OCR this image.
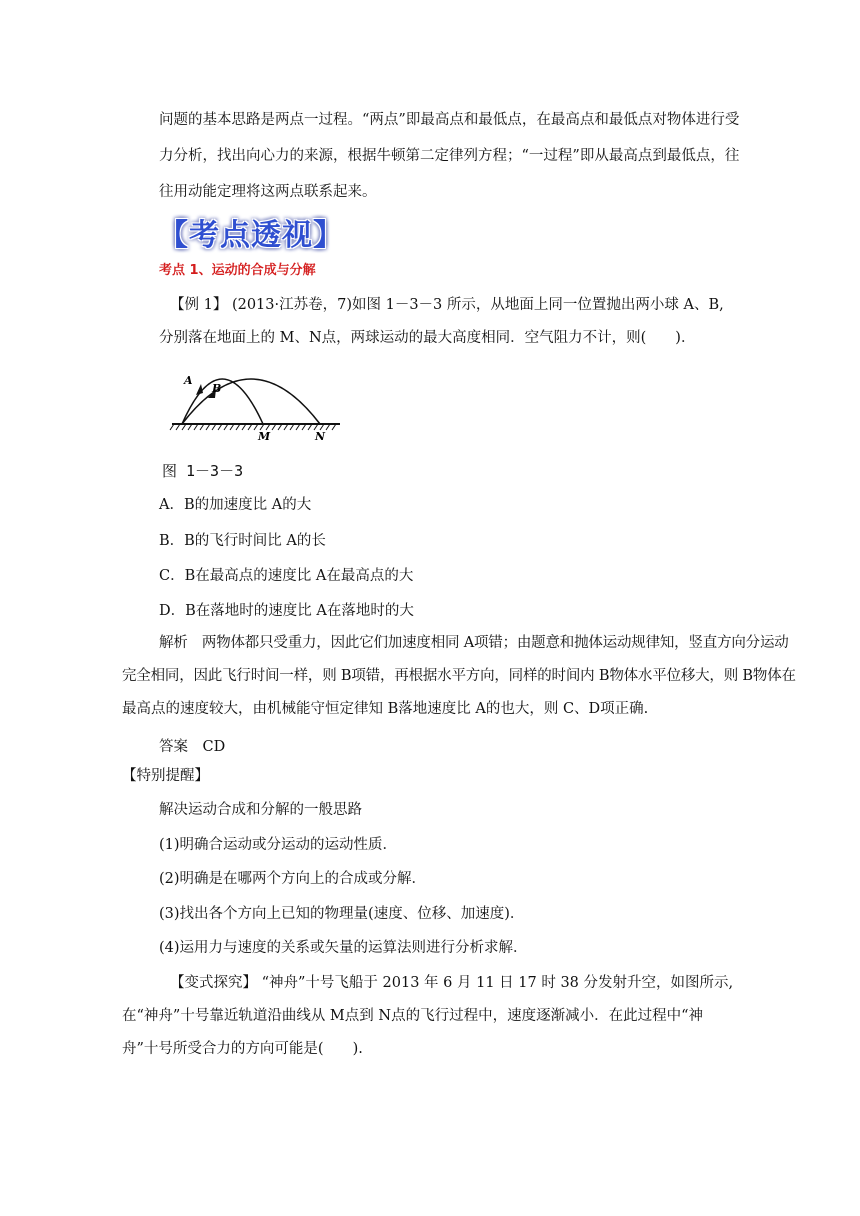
问题的基本思路是两点一过程。“两点”即最高点和最低点，在最高点和最低点对物体进行受
力分析，找出向心力的来源，根据牛顿第二定律列方程；“一过程”即从最高点到最低点，往
往用动能定理将这两点联系起来。
【考点透视】
考点 1、运动的合成与分解
【例 1】 (2013·江苏卷，7)如图 1－3－3 所示，从地面上同一位置抛出两小球 A、B,
分别落在地面上的 M、N点，两球运动的最大高度相同．空气阻力不计，则(　　)．
A
B
M	N
图 1－3－3
A．B的加速度比 A的大
B．B的飞行时间比 A的长
C．B在最高点的速度比 A在最高点的大
D．B在落地时的速度比 A在落地时的大
解析　两物体都只受重力，因此它们加速度相同 A项错；由题意和抛体运动规律知，竖直方向分运动
完全相同，因此飞行时间一样，则 B项错，再根据水平方向，同样的时间内 B物体水平位移大，则 B物体在
最高点的速度较大，由机械能守恒定律知 B落地速度比 A的也大，则 C、D项正确.
答案　CD
【特别提醒】
解决运动合成和分解的一般思路
(1)明确合运动或分运动的运动性质．
(2)明确是在哪两个方向上的合成或分解．
(3)找出各个方向上已知的物理量(速度、位移、加速度)．
(4)运用力与速度的关系或矢量的运算法则进行分析求解．
【变式探究】 “神舟”十号飞船于 2013 年 6 月 11 日 17 时 38 分发射升空，如图所示,
在“神舟”十号靠近轨道沿曲线从 M点到 N点的飞行过程中，速度逐渐减小．在此过程中“神
舟”十号所受合力的方向可能是(　　).
